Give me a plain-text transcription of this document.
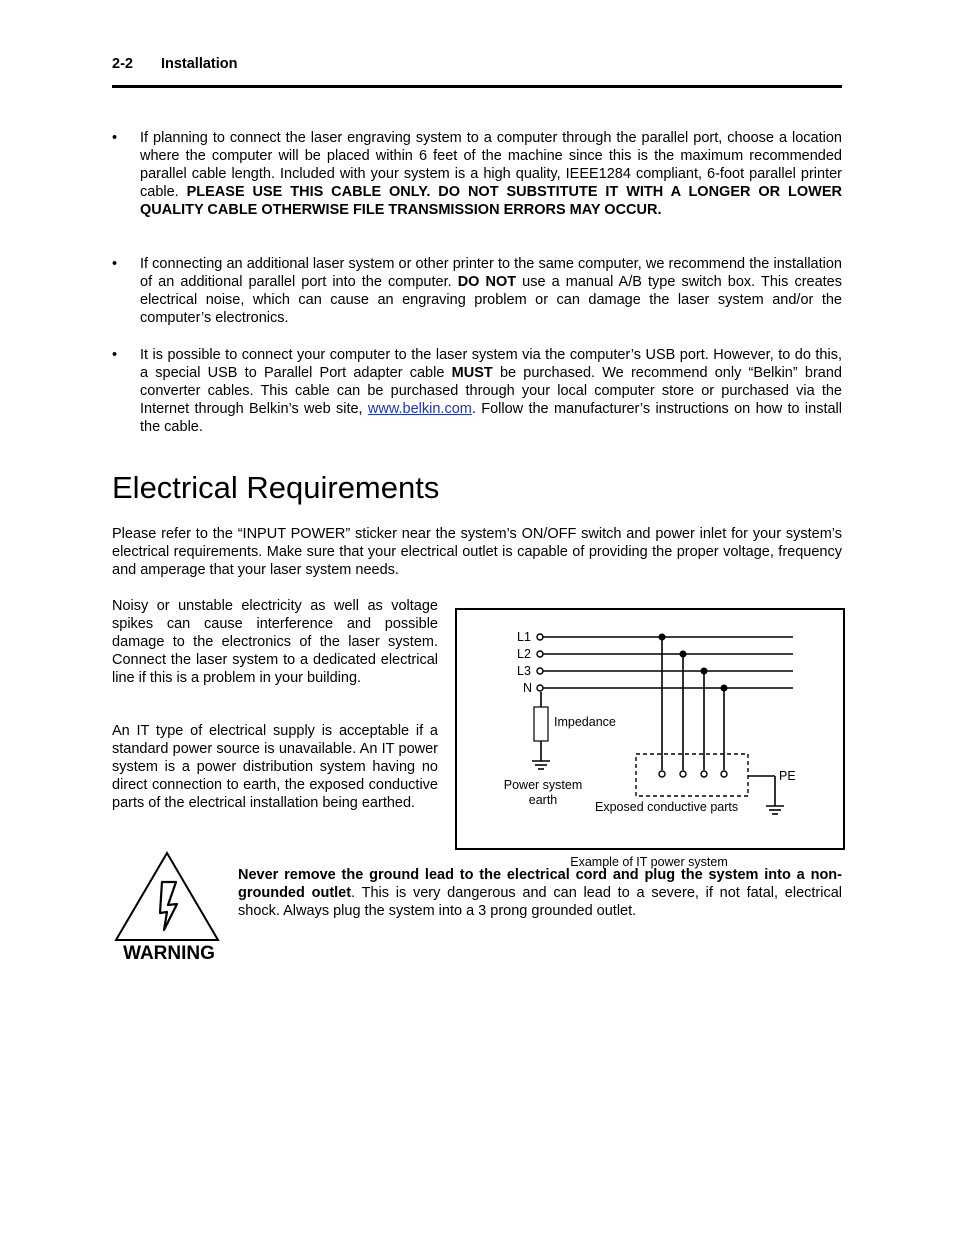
2-2 Installation
• If planning to connect the laser engraving system to a computer through the parallel port, choose a location where the computer will be placed within 6 feet of the machine since this is the maximum recommended parallel cable length. Included with your system is a high quality, IEEE1284 compliant, 6-foot parallel printer cable. PLEASE USE THIS CABLE ONLY. DO NOT SUBSTITUTE IT WITH A LONGER OR LOWER QUALITY CABLE OTHERWISE FILE TRANSMISSION ERRORS MAY OCCUR.
• If connecting an additional laser system or other printer to the same computer, we recommend the installation of an additional parallel port into the computer. DO NOT use a manual A/B type switch box. This creates electrical noise, which can cause an engraving problem or can damage the laser system and/or the computer’s electronics.
• It is possible to connect your computer to the laser system via the computer’s USB port. However, to do this, a special USB to Parallel Port adapter cable MUST be purchased. We recommend only “Belkin” brand converter cables. This cable can be purchased through your local computer store or purchased via the Internet through Belkin’s web site, www.belkin.com. Follow the manufacturer’s instructions on how to install the cable.
Electrical Requirements
Please refer to the “INPUT POWER” sticker near the system’s ON/OFF switch and power inlet for your system’s electrical requirements. Make sure that your electrical outlet is capable of providing the proper voltage, frequency and amperage that your laser system needs.
Noisy or unstable electricity as well as voltage spikes can cause interference and possible damage to the electronics of the laser system. Connect the laser system to a dedicated electrical line if this is a problem in your building.
An IT type of electrical supply is acceptable if a standard power source is unavailable. An IT power system is a power distribution system having no direct connection to earth, the exposed conductive parts of the electrical installation being earthed.
L1
L2
L3
N
Impedance
Power system
earth	Exposed conductive parts
PE
Example of IT power system
WARNING
Never remove the ground lead to the electrical cord and plug the system into a non-grounded outlet. This is very dangerous and can lead to a severe, if not fatal, electrical shock. Always plug the system into a 3 prong grounded outlet.
